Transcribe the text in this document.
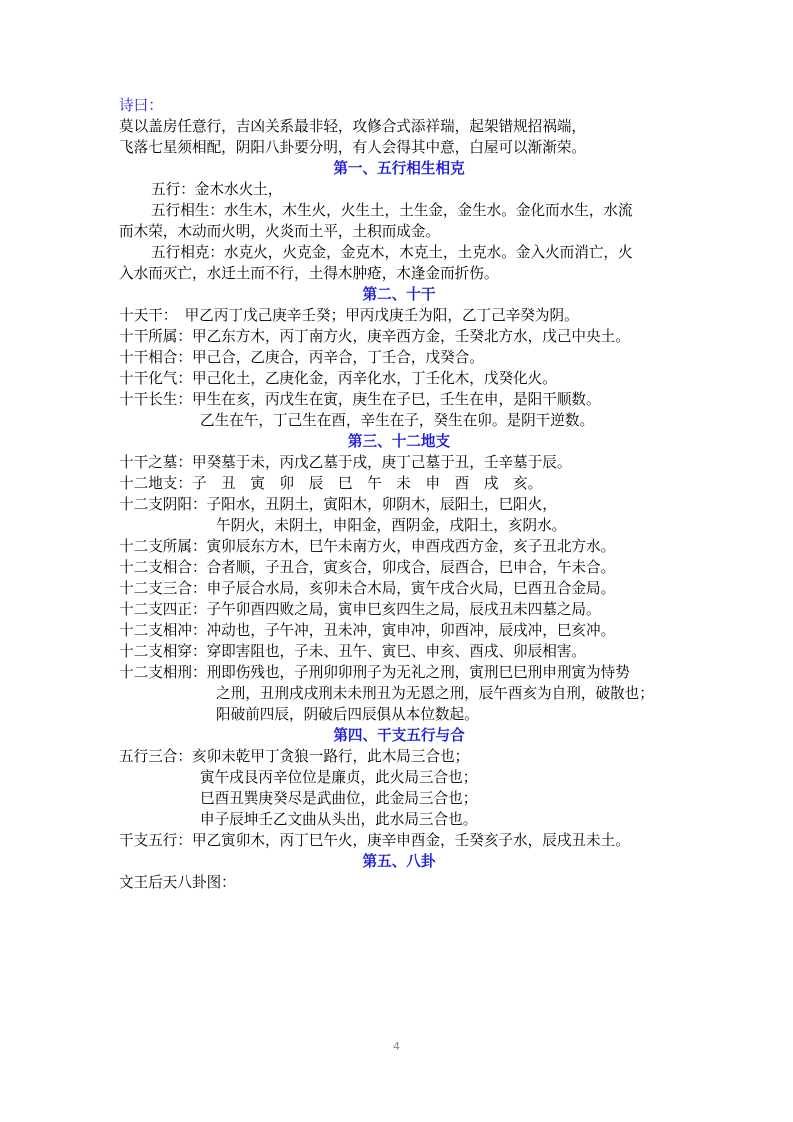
诗曰：
莫以盖房任意行，吉凶关系最非轻，攻修合式添祥瑞，起架错规招祸端，
飞落七星须相配，阴阳八卦要分明，有人会得其中意，白屋可以渐渐荣。
第一、五行相生相克
五行：金木水火土，
五行相生：水生木，木生火，火生土，土生金，金生水。金化而水生，水流
而木荣，木动而火明，火炎而土平，土积而成金。
五行相克：水克火，火克金，金克木，木克土，土克水。金入火而消亡，火
入水而灭亡，水迁土而不行，土得木肿疮，木逢金而折伤。
第二、十干
十天干：　甲乙丙丁戊己庚辛壬癸；甲丙戊庚壬为阳，乙丁己辛癸为阴。
十干所属：甲乙东方木，丙丁南方火，庚辛西方金，壬癸北方水，戊己中央土。
十干相合：甲己合，乙庚合，丙辛合，丁壬合，戊癸合。
十干化气：甲己化土，乙庚化金，丙辛化水，丁壬化木，戊癸化火。
十干长生：甲生在亥，丙戊生在寅，庚生在子巳，壬生在申，是阳干顺数。
乙生在午，丁己生在酉，辛生在子，癸生在卯。是阴干逆数。
第三、十二地支
十干之墓：甲癸墓于未，丙戊乙墓于戌，庚丁己墓于丑，壬辛墓于辰。
十二地支：子　丑　寅　卯　辰　巳　午　未　申　酉　戌　亥。
十二支阴阳：子阳水，丑阴土，寅阳木，卯阴木，辰阳土，巳阳火，
午阴火，未阴土，申阳金，酉阴金，戌阳土，亥阴水。
十二支所属：寅卯辰东方木，巳午未南方火，申酉戌西方金，亥子丑北方水。
十二支相合：合者顺，子丑合，寅亥合，卯戌合，辰酉合，巳申合，午未合。
十二支三合：申子辰合水局，亥卯未合木局，寅午戌合火局，巳酉丑合金局。
十二支四正：子午卯酉四败之局，寅申巳亥四生之局，辰戌丑未四墓之局。
十二支相冲：冲动也，子午冲，丑未冲，寅申冲，卯酉冲，辰戌冲，巳亥冲。
十二支相穿：穿即害阻也，子未、丑午、寅巳、申亥、酉戌、卯辰相害。
十二支相刑：刑即伤残也，子刑卯卯刑子为无礼之刑，寅刑巳巳刑申刑寅为恃势
之刑，丑刑戌戌刑未未刑丑为无恩之刑，辰午酉亥为自刑，破散也；
阳破前四辰，阴破后四辰俱从本位数起。
第四、干支五行与合
五行三合：亥卯未乾甲丁贪狼一路行，此木局三合也；
寅午戌艮丙辛位位是廉贞，此火局三合也；
巳酉丑巽庚癸尽是武曲位，此金局三合也；
申子辰坤壬乙文曲从头出，此水局三合也。
干支五行：甲乙寅卯木，丙丁巳午火，庚辛申酉金，壬癸亥子水，辰戌丑未土。
第五、八卦
文王后天八卦图：
4
